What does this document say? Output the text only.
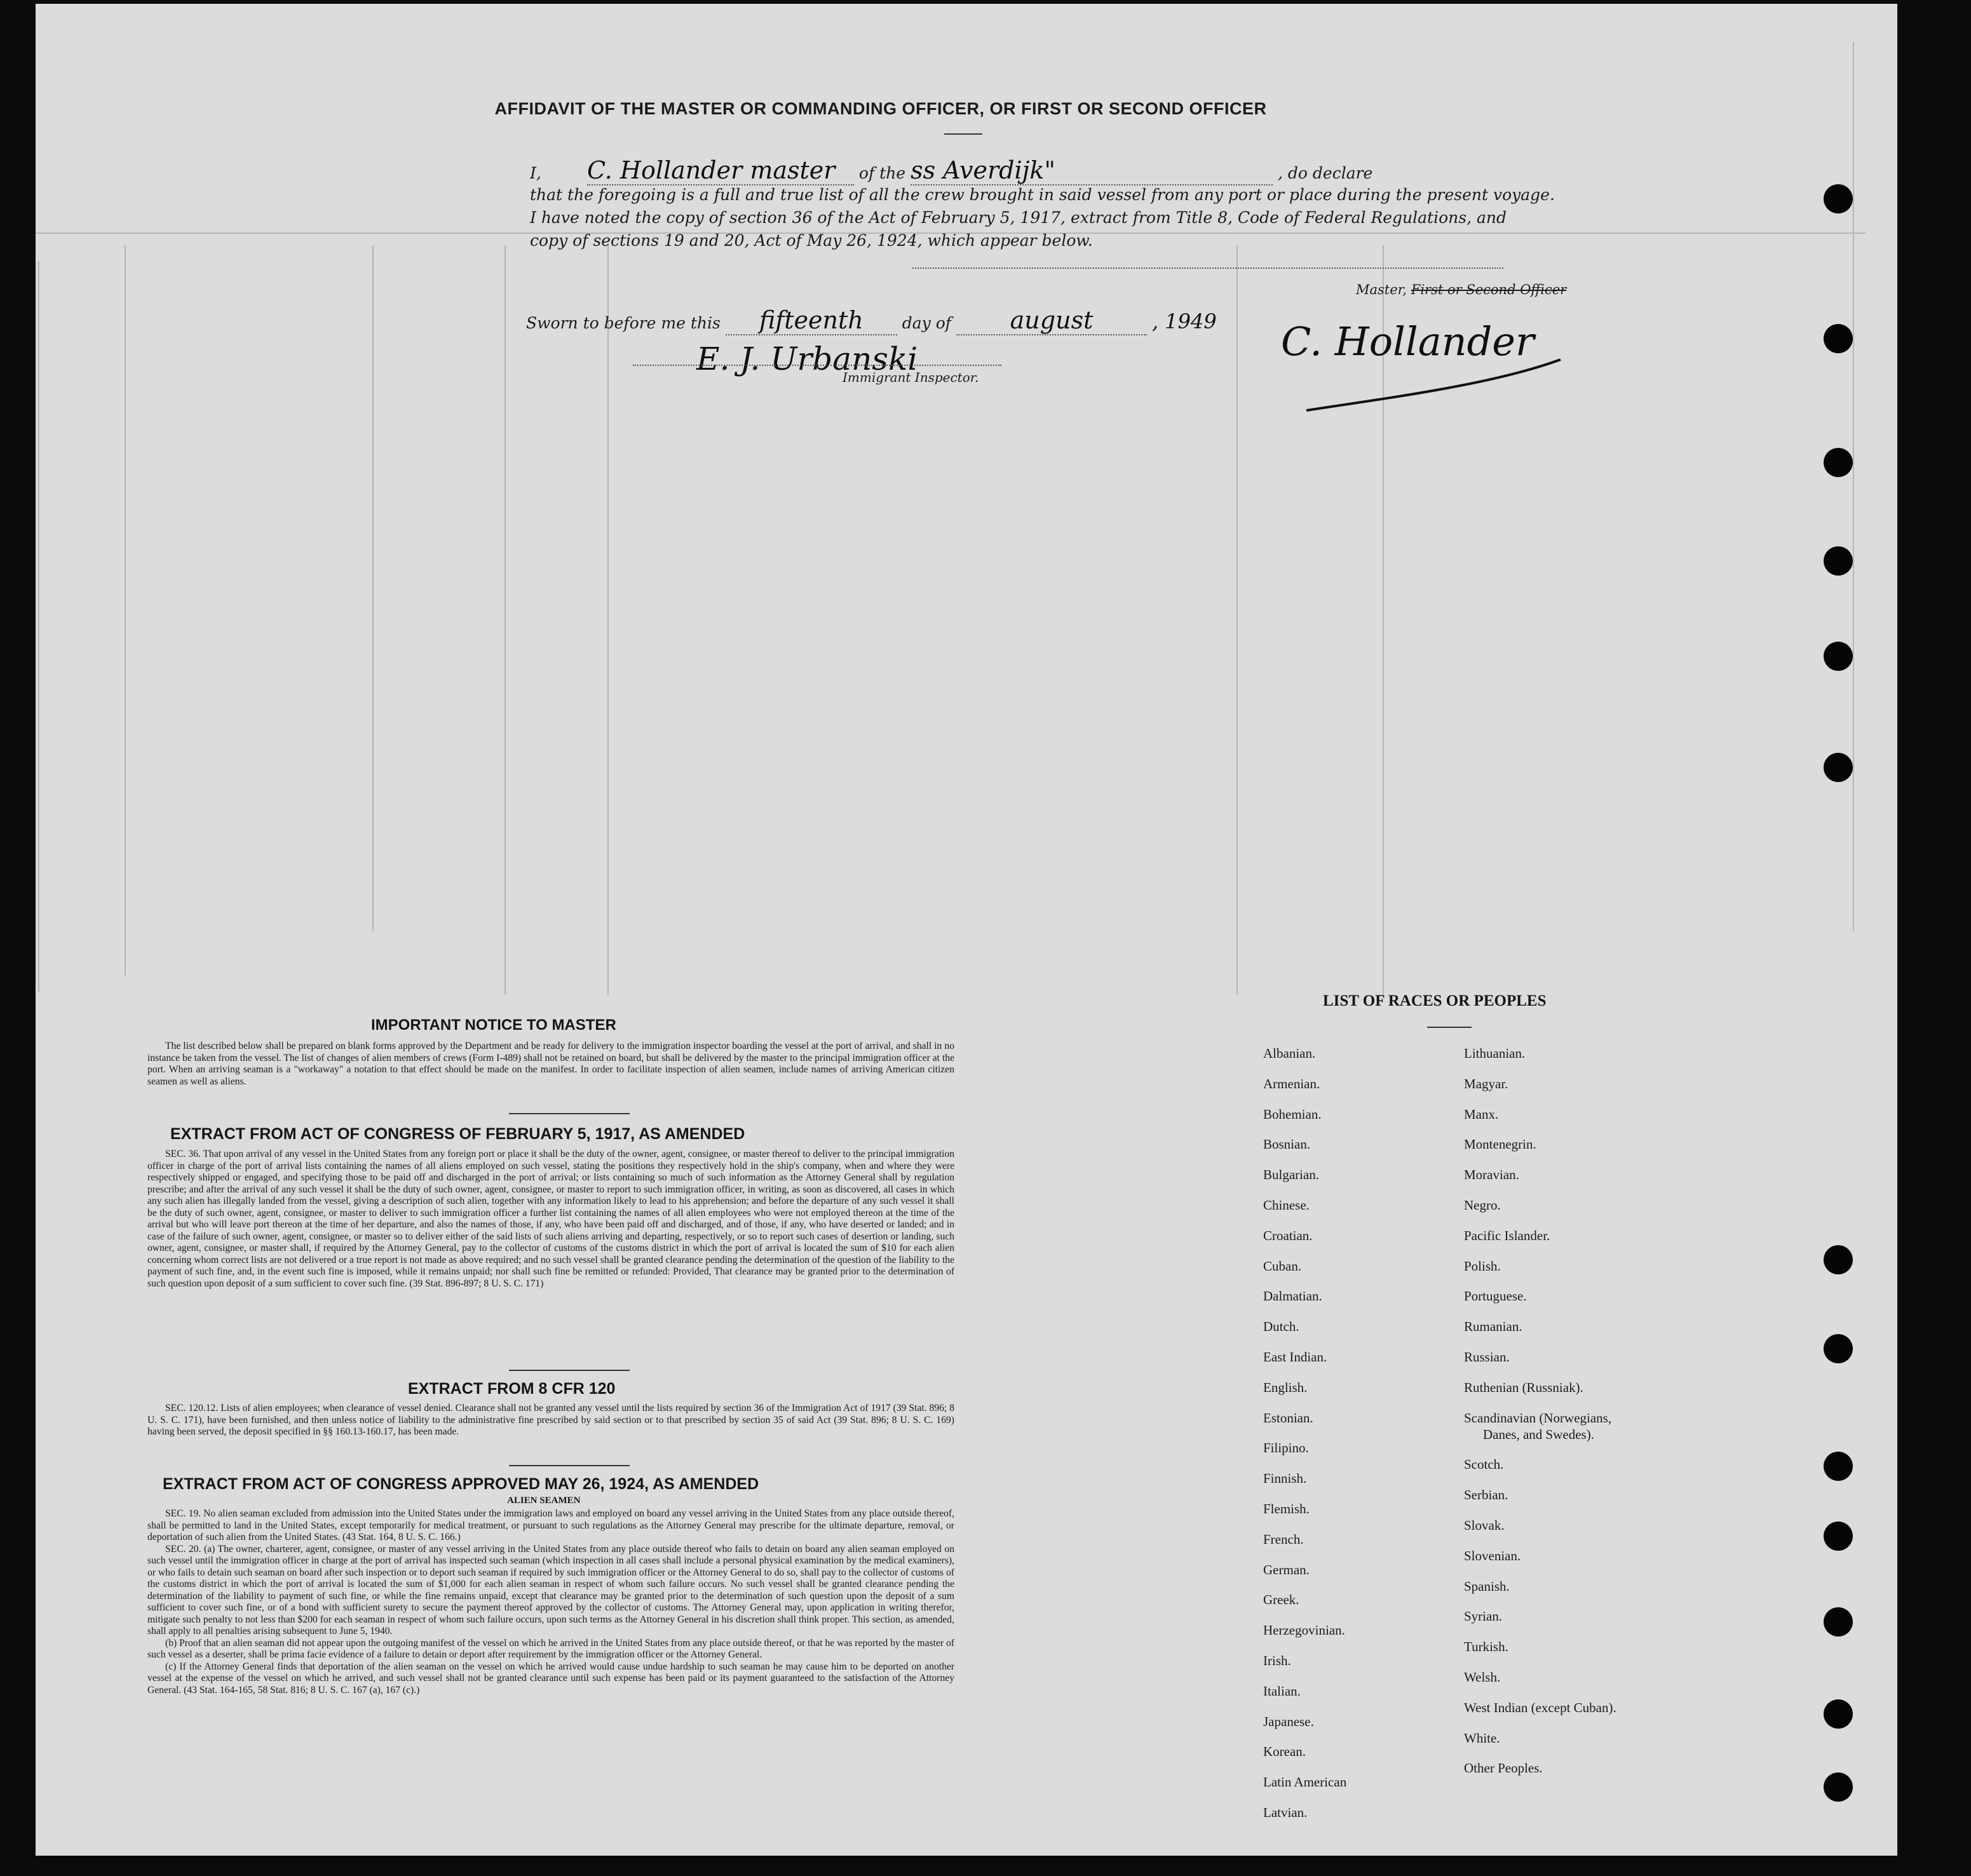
AFFIDAVIT OF THE MASTER OR COMMANDING OFFICER, OR FIRST OR SECOND OFFICER
I, C. Hollander master of the ss Averdijk"	, do declare
that the foregoing is a full and true list of all the crew brought in said vessel from any port or place during the present voyage.
I have noted the copy of section 36 of the Act of February 5, 1917, extract from Title 8, Code of Federal Regulations, and
copy of sections 19 and 20, Act of May 26, 1924, which appear below.
Master, First or Second Officer
Sworn to before me this fifteenth day of august	, 1949
E. J. Urbanski
Immigrant Inspector.
C. Hollander
IMPORTANT NOTICE TO MASTER

The list described below shall be prepared on blank forms approved by the Department and be ready for delivery to the immigration inspector boarding the vessel at the port of arrival, and shall in no instance be taken from the vessel. The list of changes of alien members of crews (Form I-489) shall not be retained on board, but shall be delivered by the master to the principal immigration officer at the port. When an arriving seaman is a "workaway" a notation to that effect should be made on the manifest. In order to facilitate inspection of alien seamen, include names of arriving American citizen seamen as well as aliens.

EXTRACT FROM ACT OF CONGRESS OF FEBRUARY 5, 1917, AS AMENDED

SEC. 36. That upon arrival of any vessel in the United States from any foreign port or place it shall be the duty of the owner, agent, consignee, or master thereof to deliver to the principal immigration officer in charge of the port of arrival lists containing the names of all aliens employed on such vessel, stating the positions they respectively hold in the ship's company, when and where they were respectively shipped or engaged, and specifying those to be paid off and discharged in the port of arrival; or lists containing so much of such information as the Attorney General shall by regulation prescribe; and after the arrival of any such vessel it shall be the duty of such owner, agent, consignee, or master to report to such immigration officer, in writing, as soon as discovered, all cases in which any such alien has illegally landed from the vessel, giving a description of such alien, together with any information likely to lead to his apprehension; and before the departure of any such vessel it shall be the duty of such owner, agent, consignee, or master to deliver to such immigration officer a further list containing the names of all alien employees who were not employed thereon at the time of the arrival but who will leave port thereon at the time of her departure, and also the names of those, if any, who have been paid off and discharged, and of those, if any, who have deserted or landed; and in case of the failure of such owner, agent, consignee, or master so to deliver either of the said lists of such aliens arriving and departing, respectively, or so to report such cases of desertion or landing, such owner, agent, consignee, or master shall, if required by the Attorney General, pay to the collector of customs of the customs district in which the port of arrival is located the sum of $10 for each alien concerning whom correct lists are not delivered or a true report is not made as above required; and no such vessel shall be granted clearance pending the determination of the question of the liability to the payment of such fine, and, in the event such fine is imposed, while it remains unpaid; nor shall such fine be remitted or refunded: Provided, That clearance may be granted prior to the determination of such question upon deposit of a sum sufficient to cover such fine. (39 Stat. 896-897; 8 U. S. C. 171)

EXTRACT FROM 8 CFR 120

SEC. 120.12. Lists of alien employees; when clearance of vessel denied. Clearance shall not be granted any vessel until the lists required by section 36 of the Immigration Act of 1917 (39 Stat. 896; 8 U. S. C. 171), have been furnished, and then unless notice of liability to the administrative fine prescribed by said section or to that prescribed by section 35 of said Act (39 Stat. 896; 8 U. S. C. 169) having been served, the deposit specified in §§ 160.13-160.17, has been made.

EXTRACT FROM ACT OF CONGRESS APPROVED MAY 26, 1924, AS AMENDED
ALIEN SEAMEN

SEC. 19. No alien seaman excluded from admission into the United States under the immigration laws and employed on board any vessel arriving in the United States from any place outside thereof, shall be permitted to land in the United States, except temporarily for medical treatment, or pursuant to such regulations as the Attorney General may prescribe for the ultimate departure, removal, or deportation of such alien from the United States. (43 Stat. 164, 8 U. S. C. 166.)

SEC. 20. (a) The owner, charterer, agent, consignee, or master of any vessel arriving in the United States from any place outside thereof who fails to detain on board any alien seaman employed on such vessel until the immigration officer in charge at the port of arrival has inspected such seaman (which inspection in all cases shall include a personal physical examination by the medical examiners), or who fails to detain such seaman on board after such inspection or to deport such seaman if required by such immigration officer or the Attorney General to do so, shall pay to the collector of customs of the customs district in which the port of arrival is located the sum of $1,000 for each alien seaman in respect of whom such failure occurs. No such vessel shall be granted clearance pending the determination of the liability to payment of such fine, or while the fine remains unpaid, except that clearance may be granted prior to the determination of such question upon the deposit of a sum sufficient to cover such fine, or of a bond with sufficient surety to secure the payment thereof approved by the collector of customs. The Attorney General may, upon application in writing therefor, mitigate such penalty to not less than $200 for each seaman in respect of whom such failure occurs, upon such terms as the Attorney General in his discretion shall think proper. This section, as amended, shall apply to all penalties arising subsequent to June 5, 1940.

(b) Proof that an alien seaman did not appear upon the outgoing manifest of the vessel on which he arrived in the United States from any place outside thereof, or that he was reported by the master of such vessel as a deserter, shall be prima facie evidence of a failure to detain or deport after requirement by the immigration officer or the Attorney General.

(c) If the Attorney General finds that deportation of the alien seaman on the vessel on which he arrived would cause undue hardship to such seaman he may cause him to be deported on another vessel at the expense of the vessel on which he arrived, and such vessel shall not be granted clearance until such expense has been paid or its payment guaranteed to the satisfaction of the Attorney General. (43 Stat. 164-165, 58 Stat. 816; 8 U. S. C. 167 (a), 167 (c).)

LIST OF RACES OR PEOPLES
Albanian.
Armenian.
Bohemian.
Bosnian.
Bulgarian.
Chinese.
Croatian.
Cuban.
Dalmatian.
Dutch.
East Indian.
English.
Estonian.
Filipino.
Finnish.
Flemish.
French.
German.
Greek.
Herzegovinian.
Irish.
Italian.
Japanese.
Korean.
Latin American
Latvian.
Lithuanian.
Magyar.
Manx.
Montenegrin.
Moravian.
Negro.
Pacific Islander.
Polish.
Portuguese.
Rumanian.
Russian.
Ruthenian (Russniak).
Scandinavian (Norwegians,
Danes, and Swedes).
Scotch.
Serbian.
Slovak.
Slovenian.
Spanish.
Syrian.
Turkish.
Welsh.
West Indian (except Cuban).
White.
Other Peoples.
